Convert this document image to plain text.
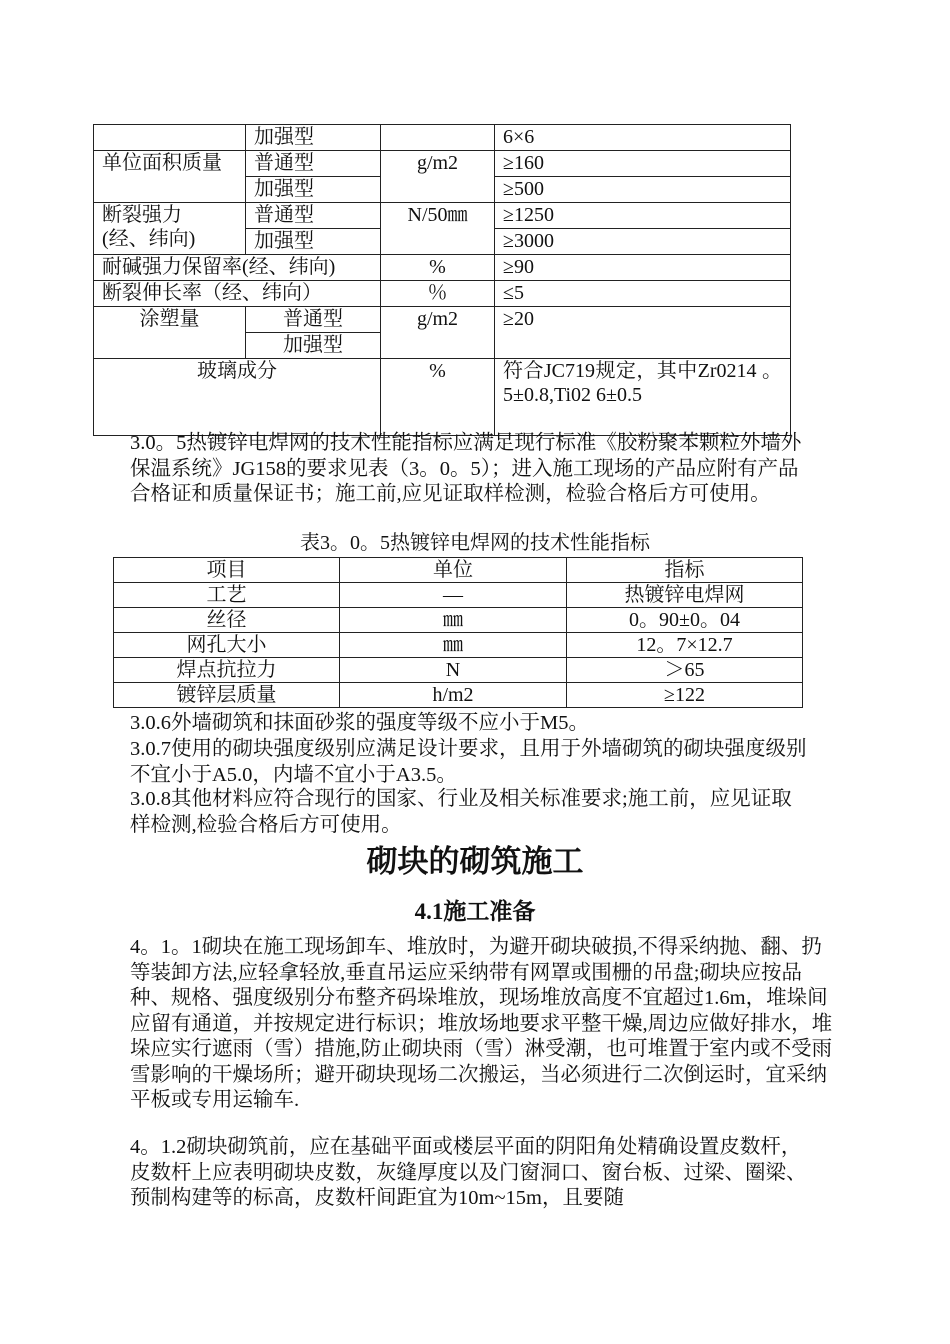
	加强型		6×6
单位面积质量	普通型	g/m2	≥160
	加强型		≥500

断裂强力
(经、纬向)	普通型	N/50㎜	≥1250
	加强型		≥3000
耐碱强力保留率(经、纬向)		%	≥90
断裂伸长率（经、纬向）		％	≤5
涂塑量	普通型	g/m2	≥20
	加强型		
玻璃成分		%	符合JC719规定，其中Zr0214 。 5±0.8,Ti02 6±0.5

3.0。5热镀锌电焊网的技术性能指标应满足现行标准《胶粉聚苯颗粒外墙外保温系统》JG158的要求见表（3。0。5）；进入施工现场的产品应附有产品合格证和质量保证书；施工前,应见证取样检测，检验合格后方可使用。

表3。0。5热镀锌电焊网的技术性能指标

项目	单位	指标
工艺	—	热镀锌电焊网
丝径	㎜	0。90±0。04
网孔大小	㎜	12。7×12.7
焊点抗拉力	N	＞65
镀锌层质量	h/m2	≥122

3.0.6外墙砌筑和抹面砂浆的强度等级不应小于M5。

3.0.7使用的砌块强度级别应满足设计要求，且用于外墙砌筑的砌块强度级别不宜小于A5.0，内墙不宜小于A3.5。

3.0.8其他材料应符合现行的国家、行业及相关标准要求;施工前，应见证取样检测,检验合格后方可使用。

砌块的砌筑施工
4.1施工准备

4。1。1砌块在施工现场卸车、堆放时，为避开砌块破损,不得采纳抛、翻、扔等装卸方法,应轻拿轻放,垂直吊运应采纳带有网罩或围栅的吊盘;砌块应按品种、规格、强度级别分布整齐码垛堆放，现场堆放高度不宜超过1.6m，堆垛间应留有通道，并按规定进行标识；堆放场地要求平整干燥,周边应做好排水，堆垛应实行遮雨（雪）措施,防止砌块雨（雪）淋受潮，也可堆置于室内或不受雨雪影响的干燥场所；避开砌块现场二次搬运，当必须进行二次倒运时，宜采纳平板或专用运输车.

4。1.2砌块砌筑前，应在基础平面或楼层平面的阴阳角处精确设置皮数杆，皮数杆上应表明砌块皮数，灰缝厚度以及门窗洞口、窗台板、过梁、圈梁、预制构建等的标高，皮数杆间距宜为10m~15m，且要随
